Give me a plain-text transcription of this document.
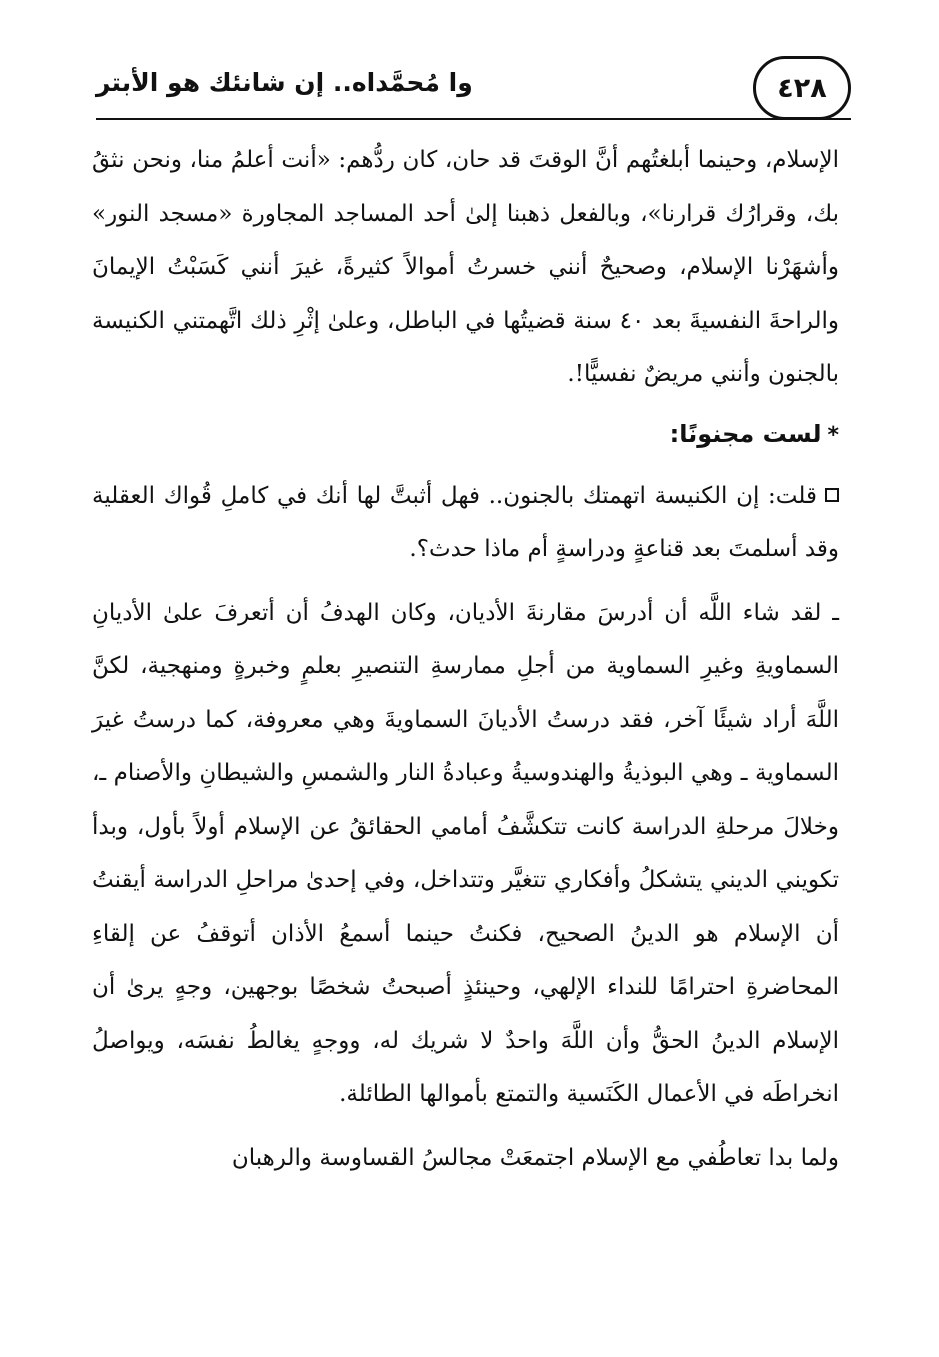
٤٢٨
وا مُحمَّداه.. إن شانئك هو الأبتر

الإسلام، وحينما أبلغتُهم أنَّ الوقتَ قد حان، كان ردُّهم: «أنت أعلمُ منا، ونحن نثقُ بك، وقرارُك قرارنا»، وبالفعل ذهبنا إلىٰ أحد المساجد المجاورة «مسجد النور» وأشهَرْنا الإسلام، وصحيحٌ أنني خسرتُ أموالاً كثيرةً، غيرَ أنني كَسَبْتُ الإيمانَ والراحةَ النفسيةَ بعد ٤٠ سنة قضيتُها في الباطل، وعلىٰ إثْرِ ذلك اتَّهمتني الكنيسة بالجنون وأنني مريضٌ نفسيًّا!.

*لست مجنونًا:

قلت: إن الكنيسة اتهمتك بالجنون.. فهل أثبتَّ لها أنك في كاملِ قُواك العقلية وقد أسلمتَ بعد قناعةٍ ودراسةٍ أم ماذا حدث؟.

ـ لقد شاء اللَّه أن أدرسَ مقارنةَ الأديان، وكان الهدفُ أن أتعرفَ علىٰ الأديانِ السماويةِ وغيرِ السماوية من أجلِ ممارسةِ التنصيرِ بعلمٍ وخبرةٍ ومنهجية، لكنَّ اللَّهَ أراد شيئًا آخر، فقد درستُ الأديانَ السماويةَ وهي معروفة، كما درستُ غيرَ السماوية ـ وهي البوذيةُ والهندوسيةُ وعبادةُ النار والشمسِ والشيطانِ والأصنام ـ، وخلالَ مرحلةِ الدراسة كانت تتكشَّفُ أمامي الحقائقُ عن الإسلام أولاً بأول، وبدأ تكويني الديني يتشكلُ وأفكاري تتغيَّر وتتداخل، وفي إحدىٰ مراحلِ الدراسة أيقنتُ أن الإسلام هو الدينُ الصحيح، فكنتُ حينما أسمعُ الأذان أتوقفُ عن إلقاءِ المحاضرةِ احترامًا للنداء الإلهي، وحينئذٍ أصبحتُ شخصًا بوجهين، وجهٍ يرىٰ أن الإسلام الدينُ الحقُّ وأن اللَّهَ واحدٌ لا شريك له، ووجهٍ يغالطُ نفسَه، ويواصلُ انخراطَه في الأعمال الكَنَسية والتمتع بأموالها الطائلة.

ولما بدا تعاطُفي مع الإسلام اجتمعَتْ مجالسُ القساوسة والرهبان
